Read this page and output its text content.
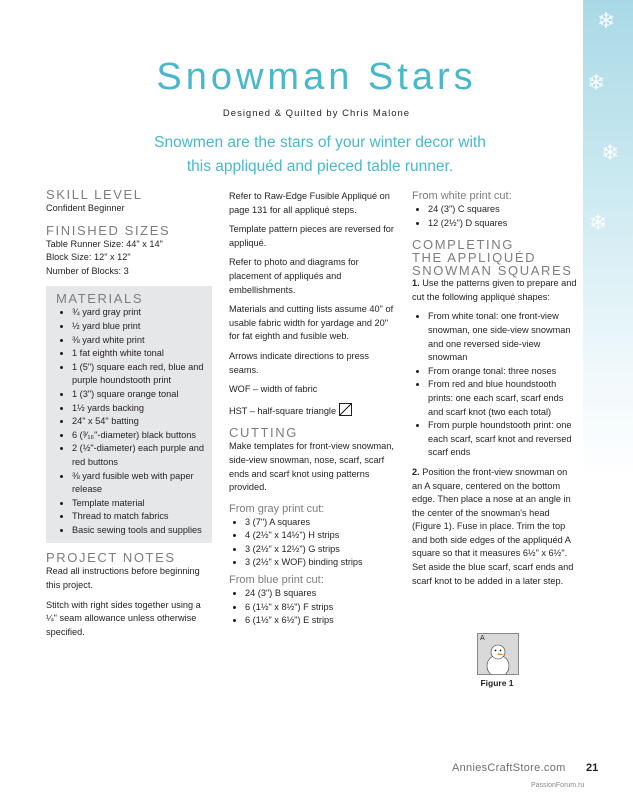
❄
❄
❄
❄
Snowman Stars
Designed & Quilted by Chris Malone
Snowmen are the stars of your winter decor with
this appliquéd and pieced table runner.
SKILL LEVEL

Confident Beginner

FINISHED SIZES

Table Runner Size: 44" x 14"

Block Size: 12" x 12"

Number of Blocks: 3

MATERIALS
• ¾ yard gray print
• ½ yard blue print
• ⅜ yard white print
• 1 fat eighth white tonal
• 1 (5") square each red, blue and purple houndstooth print
• 1 (3") square orange tonal
• 1½ yards backing
• 24" x 54" batting
• 6 (³⁄₁₆"-diameter) black buttons
• 2 (½"-diameter) each purple and red buttons
• ⅜ yard fusible web with paper release
• Template material
• Thread to match fabrics
• Basic sewing tools and supplies
PROJECT NOTES

Read all instructions before beginning this project.

Stitch with right sides together using a ¼" seam allowance unless otherwise specified.

Refer to Raw-Edge Fusible Appliqué on page 131 for all appliqué steps.

Template pattern pieces are reversed for appliqué.

Refer to photo and diagrams for placement of appliqués and embellishments.

Materials and cutting lists assume 40" of usable fabric width for yardage and 20" for fat eighth and fusible web.

Arrows indicate directions to press seams.

WOF – width of fabric

HST – half-square triangle

CUTTING

Make templates for front-view snowman, side-view snowman, nose, scarf, scarf ends and scarf knot using patterns provided.

From gray print cut:
• 3 (7") A squares
• 4 (2½" x 14½") H strips
• 3 (2½" x 12½") G strips
• 3 (2½" x WOF) binding strips
From blue print cut:
• 24 (3") B squares
• 6 (1½" x 8½") F strips
• 6 (1½" x 6½") E strips
From white print cut:
• 24 (3") C squares
• 12 (2½") D squares
COMPLETING
THE APPLIQUÉD
SNOWMAN SQUARES

1. Use the patterns given to prepare and cut the following appliqué shapes:

• From white tonal: one front-view snowman, one side-view snowman and one reversed side-view snowman
• From orange tonal: three noses
• From red and blue houndstooth prints: one each scarf, scarf ends and scarf knot (two each total)
• From purple houndstooth print: one each scarf, scarf knot and reversed scarf ends

2. Position the front-view snowman on an A square, centered on the bottom edge. Then place a nose at an angle in the center of the snowman's head (Figure 1). Fuse in place. Trim the top and both side edges of the appliquéd A square so that it measures 6½" x 6½". Set aside the blue scarf, scarf ends and scarf knot to be added in a later step.

A
Figure 1
AnniesCraftStore.com 21
PassionForum.ru
